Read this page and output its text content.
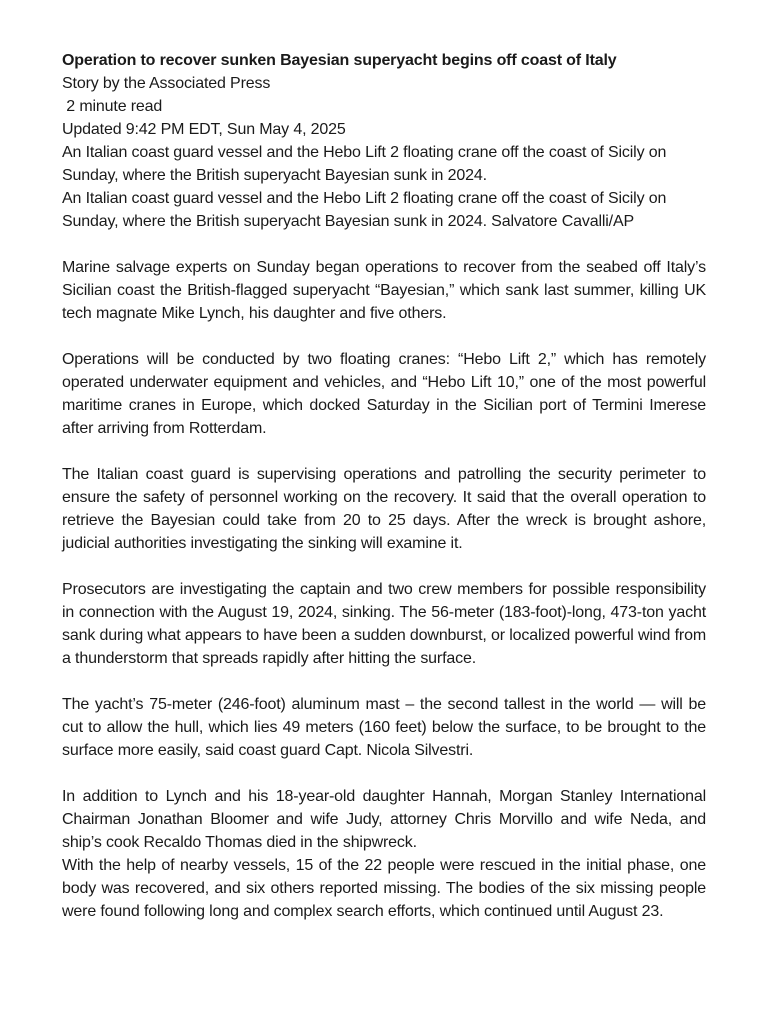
Operation to recover sunken Bayesian superyacht begins off coast of Italy
Story by the Associated Press
2 minute read
Updated 9:42 PM EDT, Sun May 4, 2025
An Italian coast guard vessel and the Hebo Lift 2 floating crane off the coast of Sicily on
Sunday, where the British superyacht Bayesian sunk in 2024.
An Italian coast guard vessel and the Hebo Lift 2 floating crane off the coast of Sicily on
Sunday, where the British superyacht Bayesian sunk in 2024. Salvatore Cavalli/AP
Marine salvage experts on Sunday began operations to recover from the seabed off Italy’s Sicilian coast the British-flagged superyacht “Bayesian,” which sank last summer, killing UK tech magnate Mike Lynch, his daughter and five others.
Operations will be conducted by two floating cranes: “Hebo Lift 2,” which has remotely operated underwater equipment and vehicles, and “Hebo Lift 10,” one of the most powerful maritime cranes in Europe, which docked Saturday in the Sicilian port of Termini Imerese after arriving from Rotterdam.
The Italian coast guard is supervising operations and patrolling the security perimeter to ensure the safety of personnel working on the recovery. It said that the overall operation to retrieve the Bayesian could take from 20 to 25 days. After the wreck is brought ashore, judicial authorities investigating the sinking will examine it.
Prosecutors are investigating the captain and two crew members for possible responsibility in connection with the August 19, 2024, sinking. The 56-meter (183-foot)-long, 473-ton yacht sank during what appears to have been a sudden downburst, or localized powerful wind from a thunderstorm that spreads rapidly after hitting the surface.
The yacht’s 75-meter (246-foot) aluminum mast – the second tallest in the world — will be cut to allow the hull, which lies 49 meters (160 feet) below the surface, to be brought to the surface more easily, said coast guard Capt. Nicola Silvestri.
In addition to Lynch and his 18-year-old daughter Hannah, Morgan Stanley International Chairman Jonathan Bloomer and wife Judy, attorney Chris Morvillo and wife Neda, and ship’s cook Recaldo Thomas died in the shipwreck.
With the help of nearby vessels, 15 of the 22 people were rescued in the initial phase, one body was recovered, and six others reported missing. The bodies of the six missing people were found following long and complex search efforts, which continued until August 23.
